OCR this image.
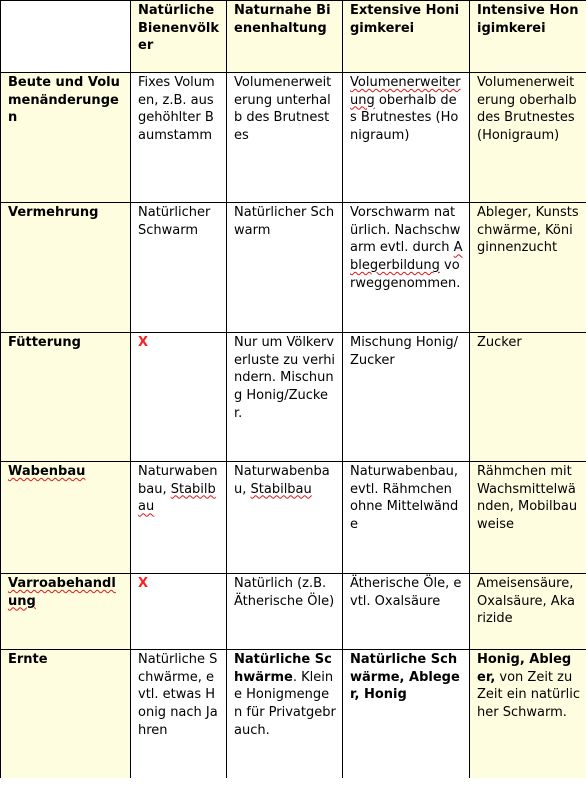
	Natürliche Bienenvölker	Naturnahe Bienenhaltung	Extensive Honigimkerei	Intensive Honigimkerei
Beute und Volumenänderungen	Fixes Volumen, z.B. ausgehöhlter Baumstamm	Volumenerweiterung unterhalb des Brutnestes	Volumenerweiterung oberhalb des Brutnestes (Honigraum)	Volumenerweiterung oberhalb des Brutnestes (Honigraum)
Vermehrung	Natürlicher Schwarm	Natürlicher Schwarm	Vorschwarm natürlich. Nachschwarm evtl. durch Ablegerbildung vorweggenommen.	Ableger, Kunstschwärme, Königinnenzucht
Fütterung	X	Nur um Völkerverluste zu verhindern. Mischung Honig/Zucker.	Mischung Honig/Zucker	Zucker
Wabenbau	Naturwabenbau, Stabilbau	Naturwabenbau, Stabilbau	Naturwabenbau, evtl. Rähmchen ohne Mittelwände	Rähmchen mit Wachsmittelwänden, Mobilbauweise
Varroabehandlung	X	Natürlich (z.B. Ätherische Öle)	Ätherische Öle, evtl. Oxalsäure	Ameisensäure, Oxalsäure, Akarizide
Ernte	Natürliche Schwärme, evtl. etwas Honig nach Jahren	Natürliche Schwärme. Kleine Honigmengen für Privatgebrauch.	Natürliche Schwärme, Ableger, Honig	Honig, Ableger, von Zeit zu Zeit ein natürlicher Schwarm.
